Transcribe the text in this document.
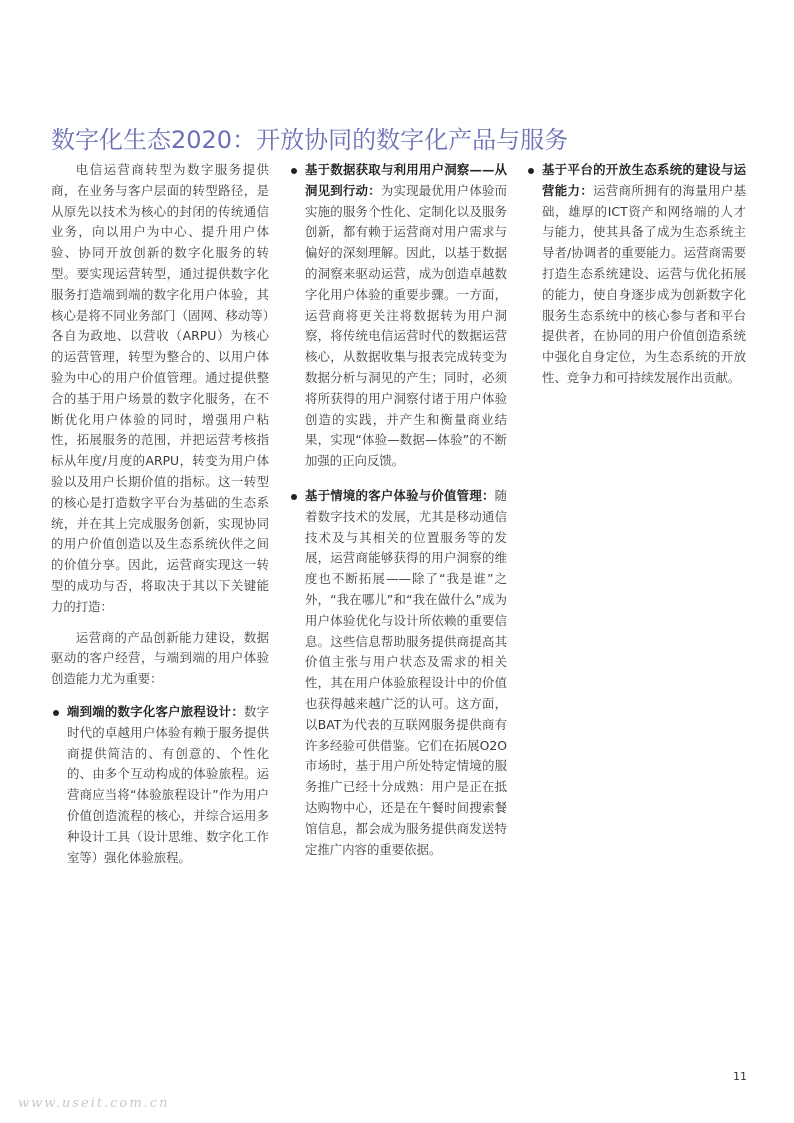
数字化生态2020：开放协同的数字化产品与服务

电信运营商转型为数字服务提供商，在业务与客户层面的转型路径，是从原先以技术为核心的封闭的传统通信业务，向以用户为中心、提升用户体验、协同开放创新的数字化服务的转型。要实现运营转型，通过提供数字化服务打造端到端的数字化用户体验，其核心是将不同业务部门（固网、移动等）各自为政地、以营收（ARPU）为核心的运营管理，转型为整合的、以用户体验为中心的用户价值管理。通过提供整合的基于用户场景的数字化服务，在不断优化用户体验的同时，增强用户粘性，拓展服务的范围，并把运营考核指标从年度/月度的ARPU，转变为用户体验以及用户长期价值的指标。这一转型的核心是打造数字平台为基础的生态系统，并在其上完成服务创新，实现协同的用户价值创造以及生态系统伙伴之间的价值分享。因此，运营商实现这一转型的成功与否，将取决于其以下关键能力的打造：

运营商的产品创新能力建设，数据驱动的客户经营，与端到端的用户体验创造能力尤为重要：

端到端的数字化客户旅程设计：数字时代的卓越用户体验有赖于服务提供商提供简洁的、有创意的、个性化的、由多个互动构成的体验旅程。运营商应当将“体验旅程设计”作为用户价值创造流程的核心，并综合运用多种设计工具（设计思维、数字化工作室等）强化体验旅程。
基于数据获取与利用用户洞察——从洞见到行动：为实现最优用户体验而实施的服务个性化、定制化以及服务创新，都有赖于运营商对用户需求与偏好的深刻理解。因此，以基于数据的洞察来驱动运营，成为创造卓越数字化用户体验的重要步骤。一方面，运营商将更关注将数据转为用户洞察，将传统电信运营时代的数据运营核心，从数据收集与报表完成转变为数据分析与洞见的产生；同时，必须将所获得的用户洞察付诸于用户体验创造的实践，并产生和衡量商业结果，实现“体验—数据—体验”的不断加强的正向反馈。
基于情境的客户体验与价值管理：随着数字技术的发展，尤其是移动通信技术及与其相关的位置服务等的发展，运营商能够获得的用户洞察的维度也不断拓展——除了“我是谁”之外，“我在哪儿”和“我在做什么”成为用户体验优化与设计所依赖的重要信息。这些信息帮助服务提供商提高其价值主张与用户状态及需求的相关性，其在用户体验旅程设计中的价值也获得越来越广泛的认可。这方面，以BAT为代表的互联网服务提供商有许多经验可供借鉴。它们在拓展O2O市场时，基于用户所处特定情境的服务推广已经十分成熟：用户是正在抵达购物中心，还是在午餐时间搜索餐馆信息，都会成为服务提供商发送特定推广内容的重要依据。
基于平台的开放生态系统的建设与运营能力：运营商所拥有的海量用户基础，雄厚的ICT资产和网络端的人才与能力，使其具备了成为生态系统主导者/协调者的重要能力。运营商需要打造生态系统建设、运营与优化拓展的能力，使自身逐步成为创新数字化服务生态系统中的核心参与者和平台提供者，在协同的用户价值创造系统中强化自身定位，为生态系统的开放性、竞争力和可持续发展作出贡献。
11
www.useit.com.cn
